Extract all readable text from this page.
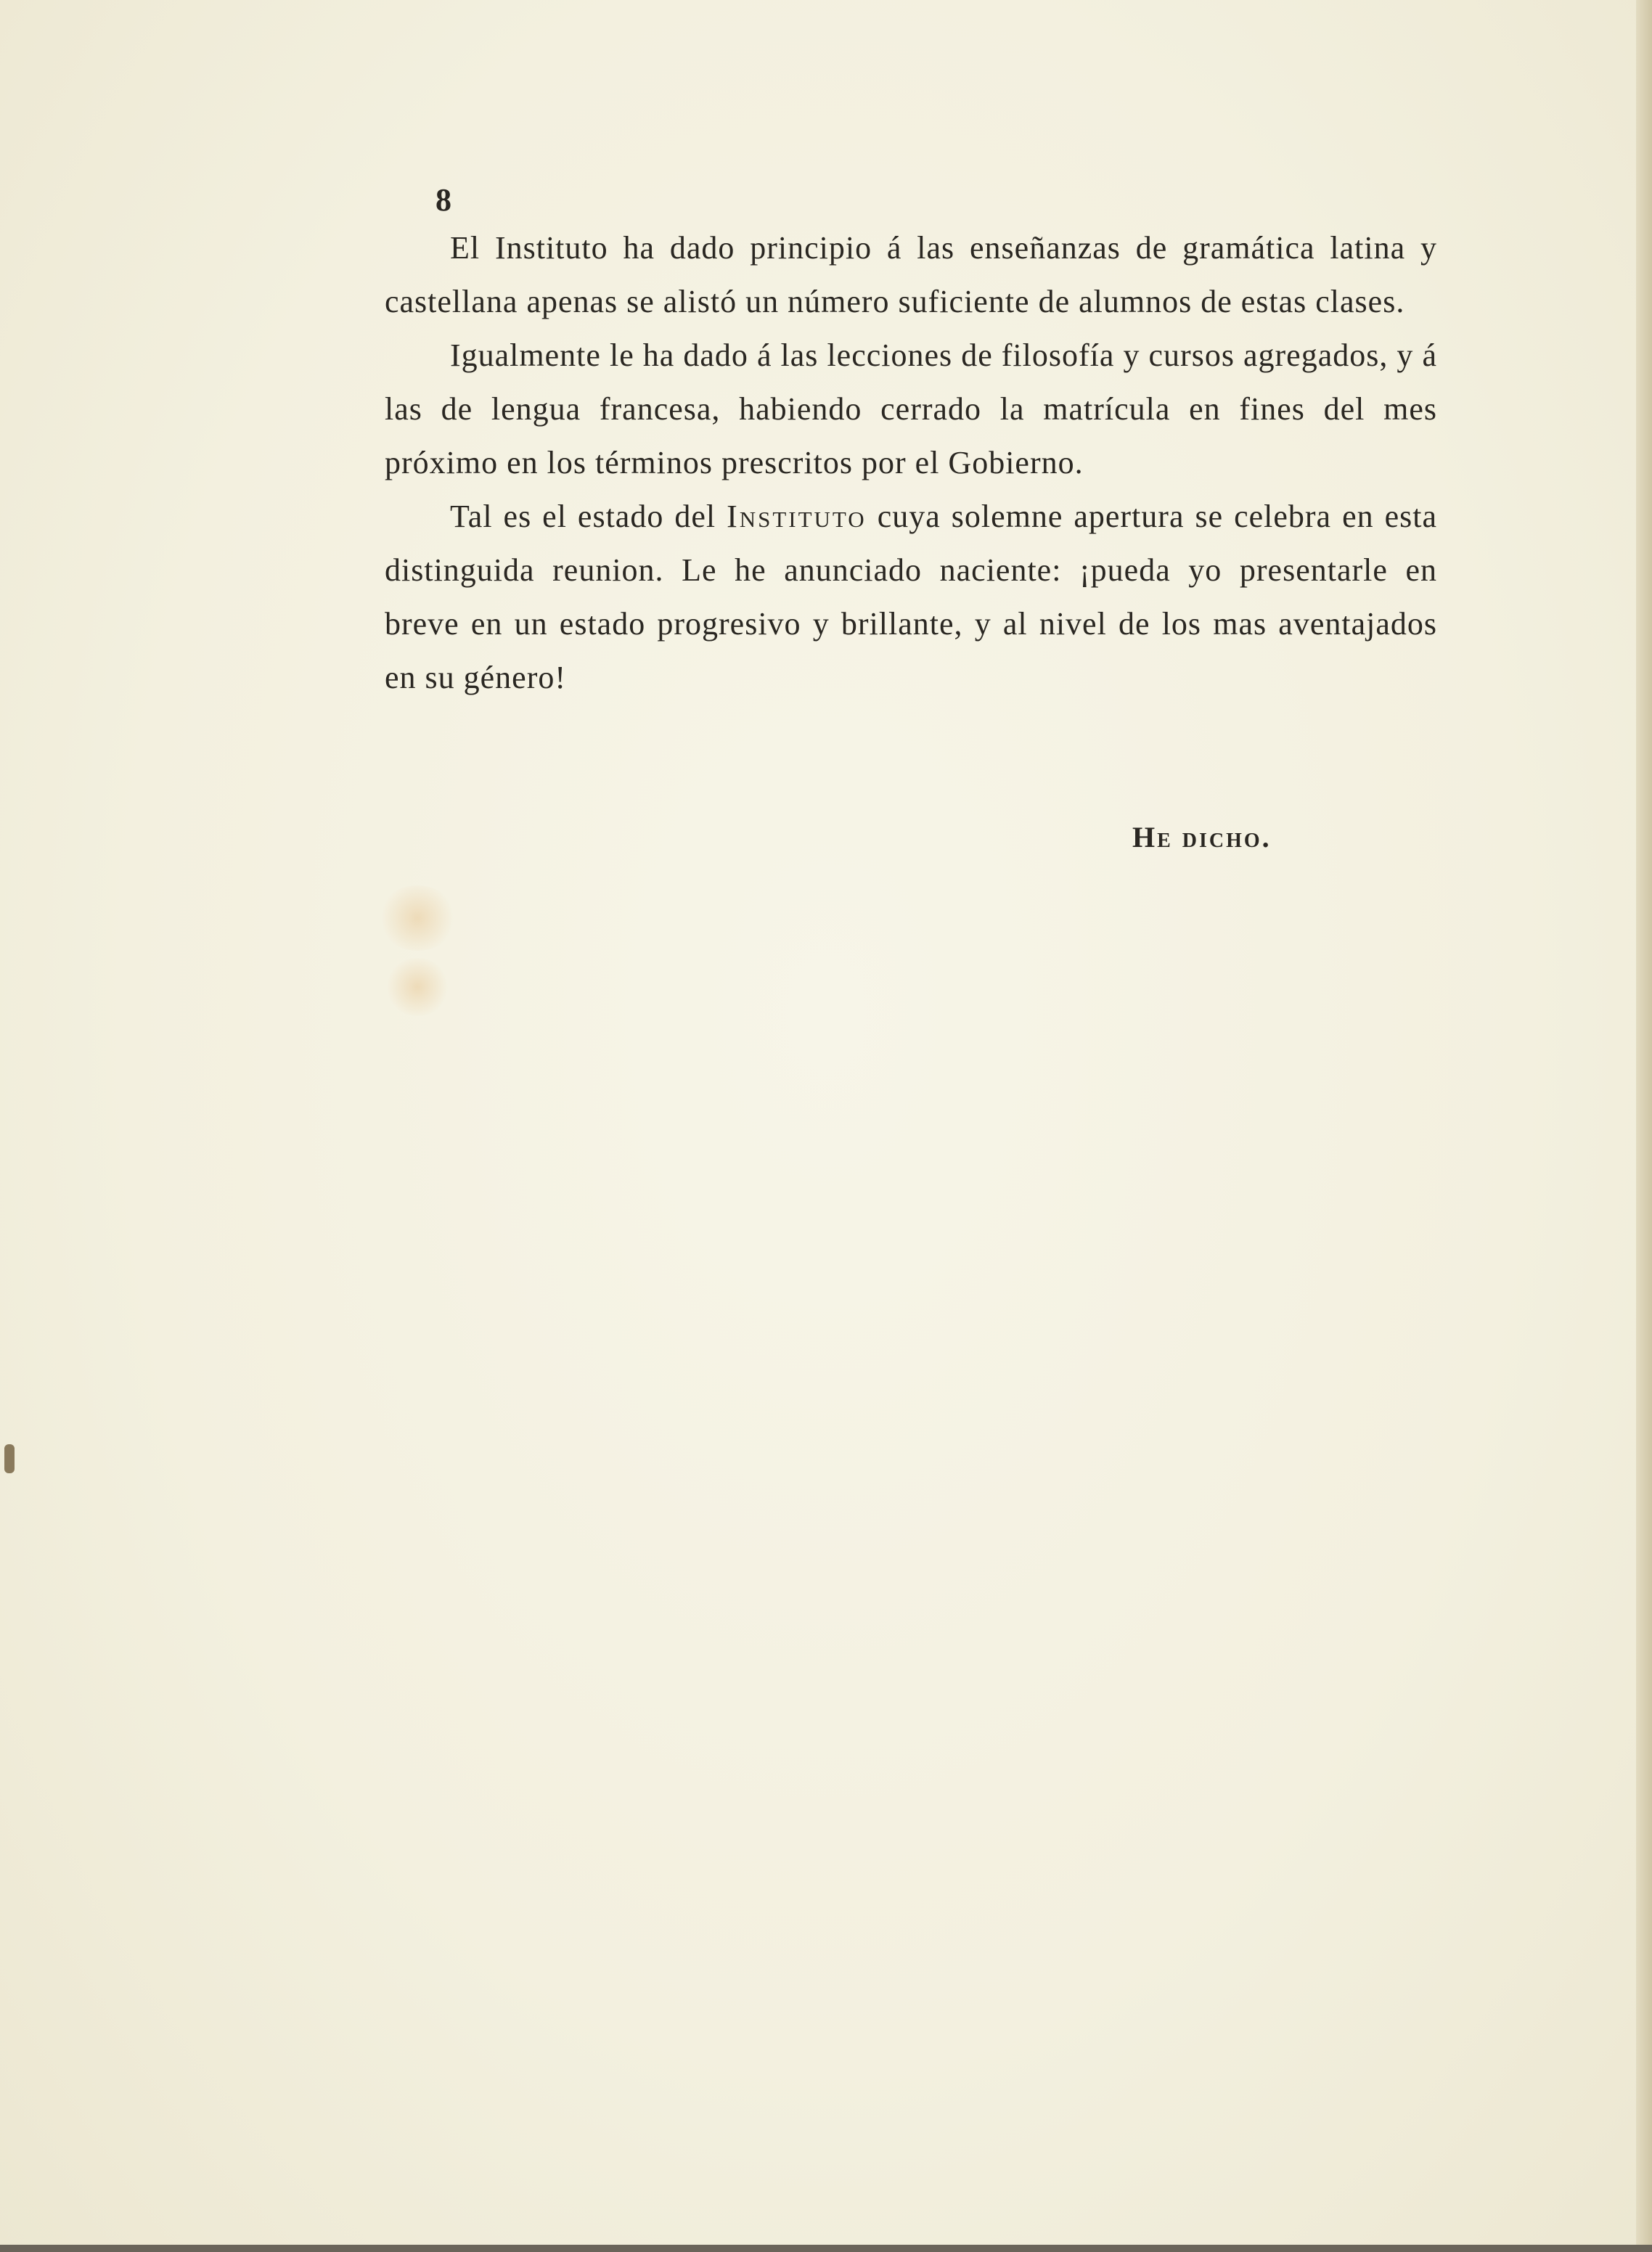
8

El Instituto ha dado principio á las enseñanzas de gramática latina y castellana apenas se alistó un número suficiente de alumnos de estas clases.

Igualmente le ha dado á las lecciones de filosofía y cursos agregados, y á las de lengua francesa, habiendo cerrado la matrícula en fines del mes próximo en los términos prescritos por el Gobierno.

Tal es el estado del Instituto cuya solemne apertura se celebra en esta distinguida reunion. Le he anunciado naciente: ¡pueda yo presentarle en breve en un estado progresivo y brillante, y al nivel de los mas aventajados en su género!

He dicho.
